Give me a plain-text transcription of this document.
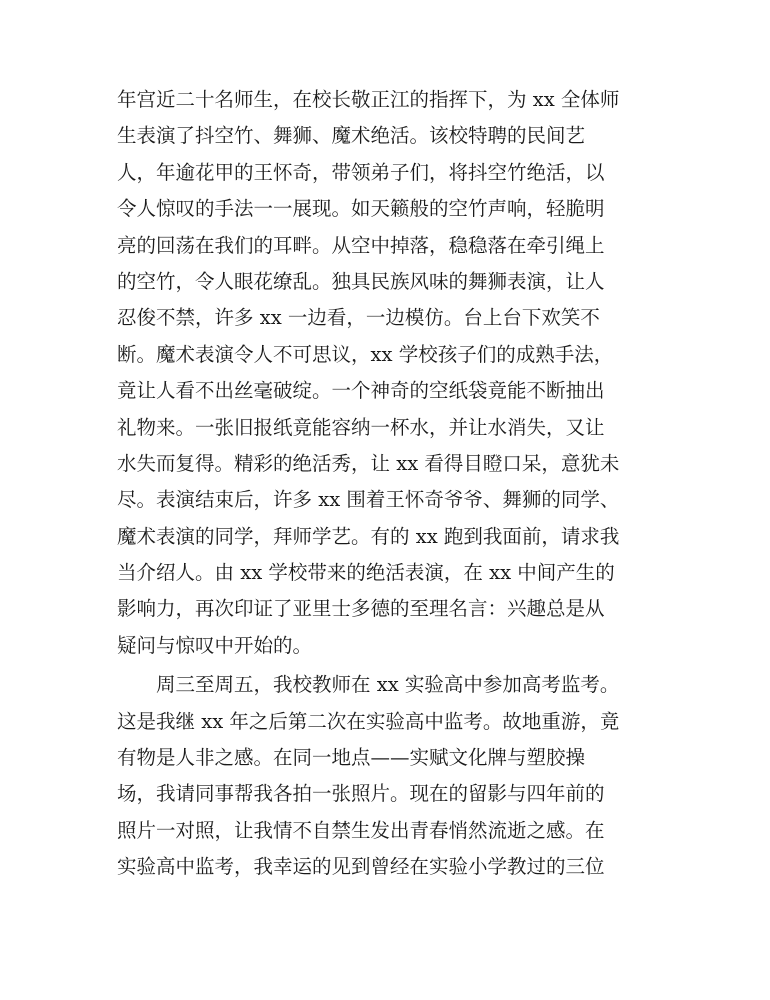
年宫近二十名师生，在校长敬正江的指挥下，为 xx 全体师
生表演了抖空竹、舞狮、魔术绝活。该校特聘的民间艺
人，年逾花甲的王怀奇，带领弟子们，将抖空竹绝活，以
令人惊叹的手法一一展现。如天籁般的空竹声响，轻脆明
亮的回荡在我们的耳畔。从空中掉落，稳稳落在牵引绳上
的空竹，令人眼花缭乱。独具民族风味的舞狮表演，让人
忍俊不禁，许多 xx 一边看，一边模仿。台上台下欢笑不
断。魔术表演令人不可思议，xx 学校孩子们的成熟手法，
竟让人看不出丝毫破绽。一个神奇的空纸袋竟能不断抽出
礼物来。一张旧报纸竟能容纳一杯水，并让水消失，又让
水失而复得。精彩的绝活秀，让 xx 看得目瞪口呆，意犹未
尽。表演结束后，许多 xx 围着王怀奇爷爷、舞狮的同学、
魔术表演的同学，拜师学艺。有的 xx 跑到我面前，请求我
当介绍人。由 xx 学校带来的绝活表演，在 xx 中间产生的
影响力，再次印证了亚里士多德的至理名言：兴趣总是从
疑问与惊叹中开始的。
周三至周五，我校教师在 xx 实验高中参加高考监考。
这是我继 xx 年之后第二次在实验高中监考。故地重游，竟
有物是人非之感。在同一地点——实赋文化牌与塑胶操
场，我请同事帮我各拍一张照片。现在的留影与四年前的
照片一对照，让我情不自禁生发出青春悄然流逝之感。在
实验高中监考，我幸运的见到曾经在实验小学教过的三位
